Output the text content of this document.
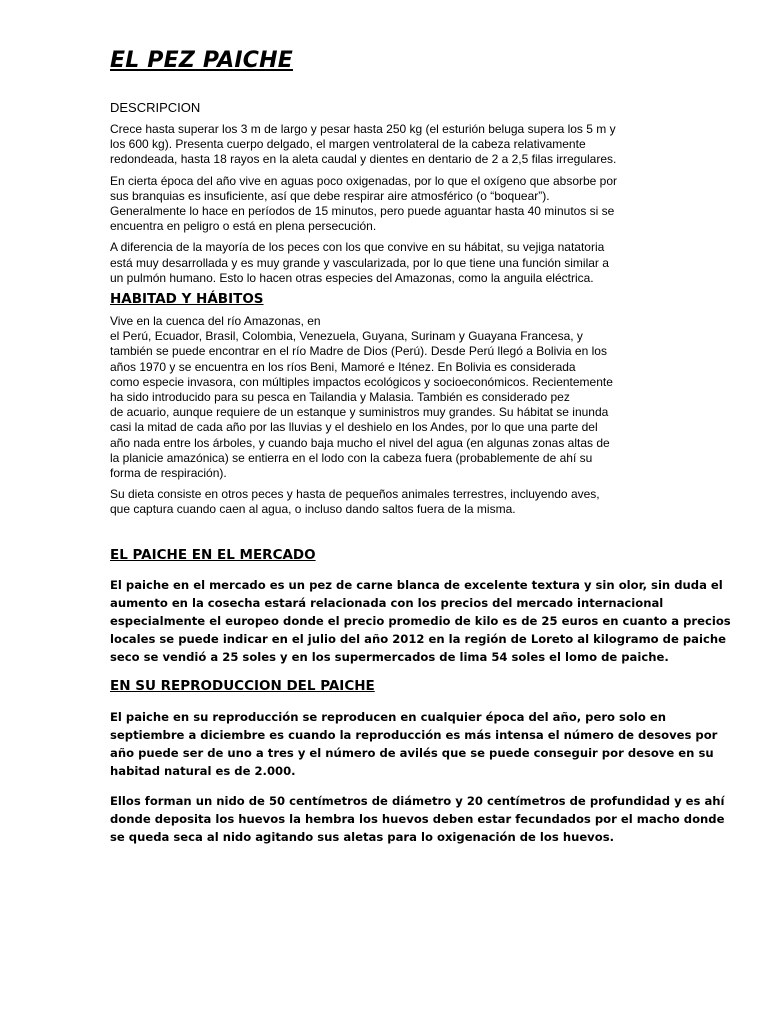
EL PEZ PAICHE
DESCRIPCION

Crece hasta superar los 3 m de largo y pesar hasta 250 kg (el esturión beluga supera los 5 m y
los 600 kg). Presenta cuerpo delgado, el margen ventrolateral de la cabeza relativamente
redondeada, hasta 18 rayos en la aleta caudal y dientes en dentario de 2 a 2,5 filas irregulares.

En cierta época del año vive en aguas poco oxigenadas, por lo que el oxígeno que absorbe por
sus branquias es insuficiente, así que debe respirar aire atmosférico (o “boquear”).
Generalmente lo hace en períodos de 15 minutos, pero puede aguantar hasta 40 minutos si se
encuentra en peligro o está en plena persecución.

A diferencia de la mayoría de los peces con los que convive en su hábitat, su vejiga natatoria
está muy desarrollada y es muy grande y vascularizada, por lo que tiene una función similar a
un pulmón humano. Esto lo hacen otras especies del Amazonas, como la anguila eléctrica.

HABITAD Y HÁBITOS

Vive en la cuenca del río Amazonas, en
el Perú, Ecuador, Brasil, Colombia, Venezuela, Guyana, Surinam y Guayana Francesa, y
también se puede encontrar en el río Madre de Dios (Perú). Desde Perú llegó a Bolivia en los
años 1970 y se encuentra en los ríos Beni, Mamoré e Iténez. En Bolivia es considerada
como especie invasora, con múltiples impactos ecológicos y socioeconómicos. Recientemente
ha sido introducido para su pesca en Tailandia y Malasia. También es considerado pez
de acuario, aunque requiere de un estanque y suministros muy grandes. Su hábitat se inunda
casi la mitad de cada año por las lluvias y el deshielo en los Andes, por lo que una parte del
año nada entre los árboles, y cuando baja mucho el nivel del agua (en algunas zonas altas de
la planicie amazónica) se entierra en el lodo con la cabeza fuera (probablemente de ahí su
forma de respiración).

Su dieta consiste en otros peces y hasta de pequeños animales terrestres, incluyendo aves,
que captura cuando caen al agua, o incluso dando saltos fuera de la misma.

EL PAICHE EN EL MERCADO

El paiche en el mercado es un pez de carne blanca de excelente textura y sin olor, sin duda el
aumento en la cosecha estará relacionada con los precios del mercado internacional
especialmente el europeo donde el precio promedio de kilo es de 25 euros en cuanto a precios
locales se puede indicar en el julio del año 2012 en la región de Loreto al kilogramo de paiche
seco se vendió a 25 soles y en los supermercados de lima 54 soles el lomo de paiche.

EN SU REPRODUCCION DEL PAICHE

El paiche en su reproducción se reproducen en cualquier época del año, pero solo en
septiembre a diciembre es cuando la reproducción es más intensa el número de desoves por
año puede ser de uno a tres y el número de avilés que se puede conseguir por desove en su
habitad natural es de 2.000.

Ellos forman un nido de 50 centímetros de diámetro y 20 centímetros de profundidad y es ahí
donde deposita los huevos la hembra los huevos deben estar fecundados por el macho donde
se queda seca al nido agitando sus aletas para lo oxigenación de los huevos.
